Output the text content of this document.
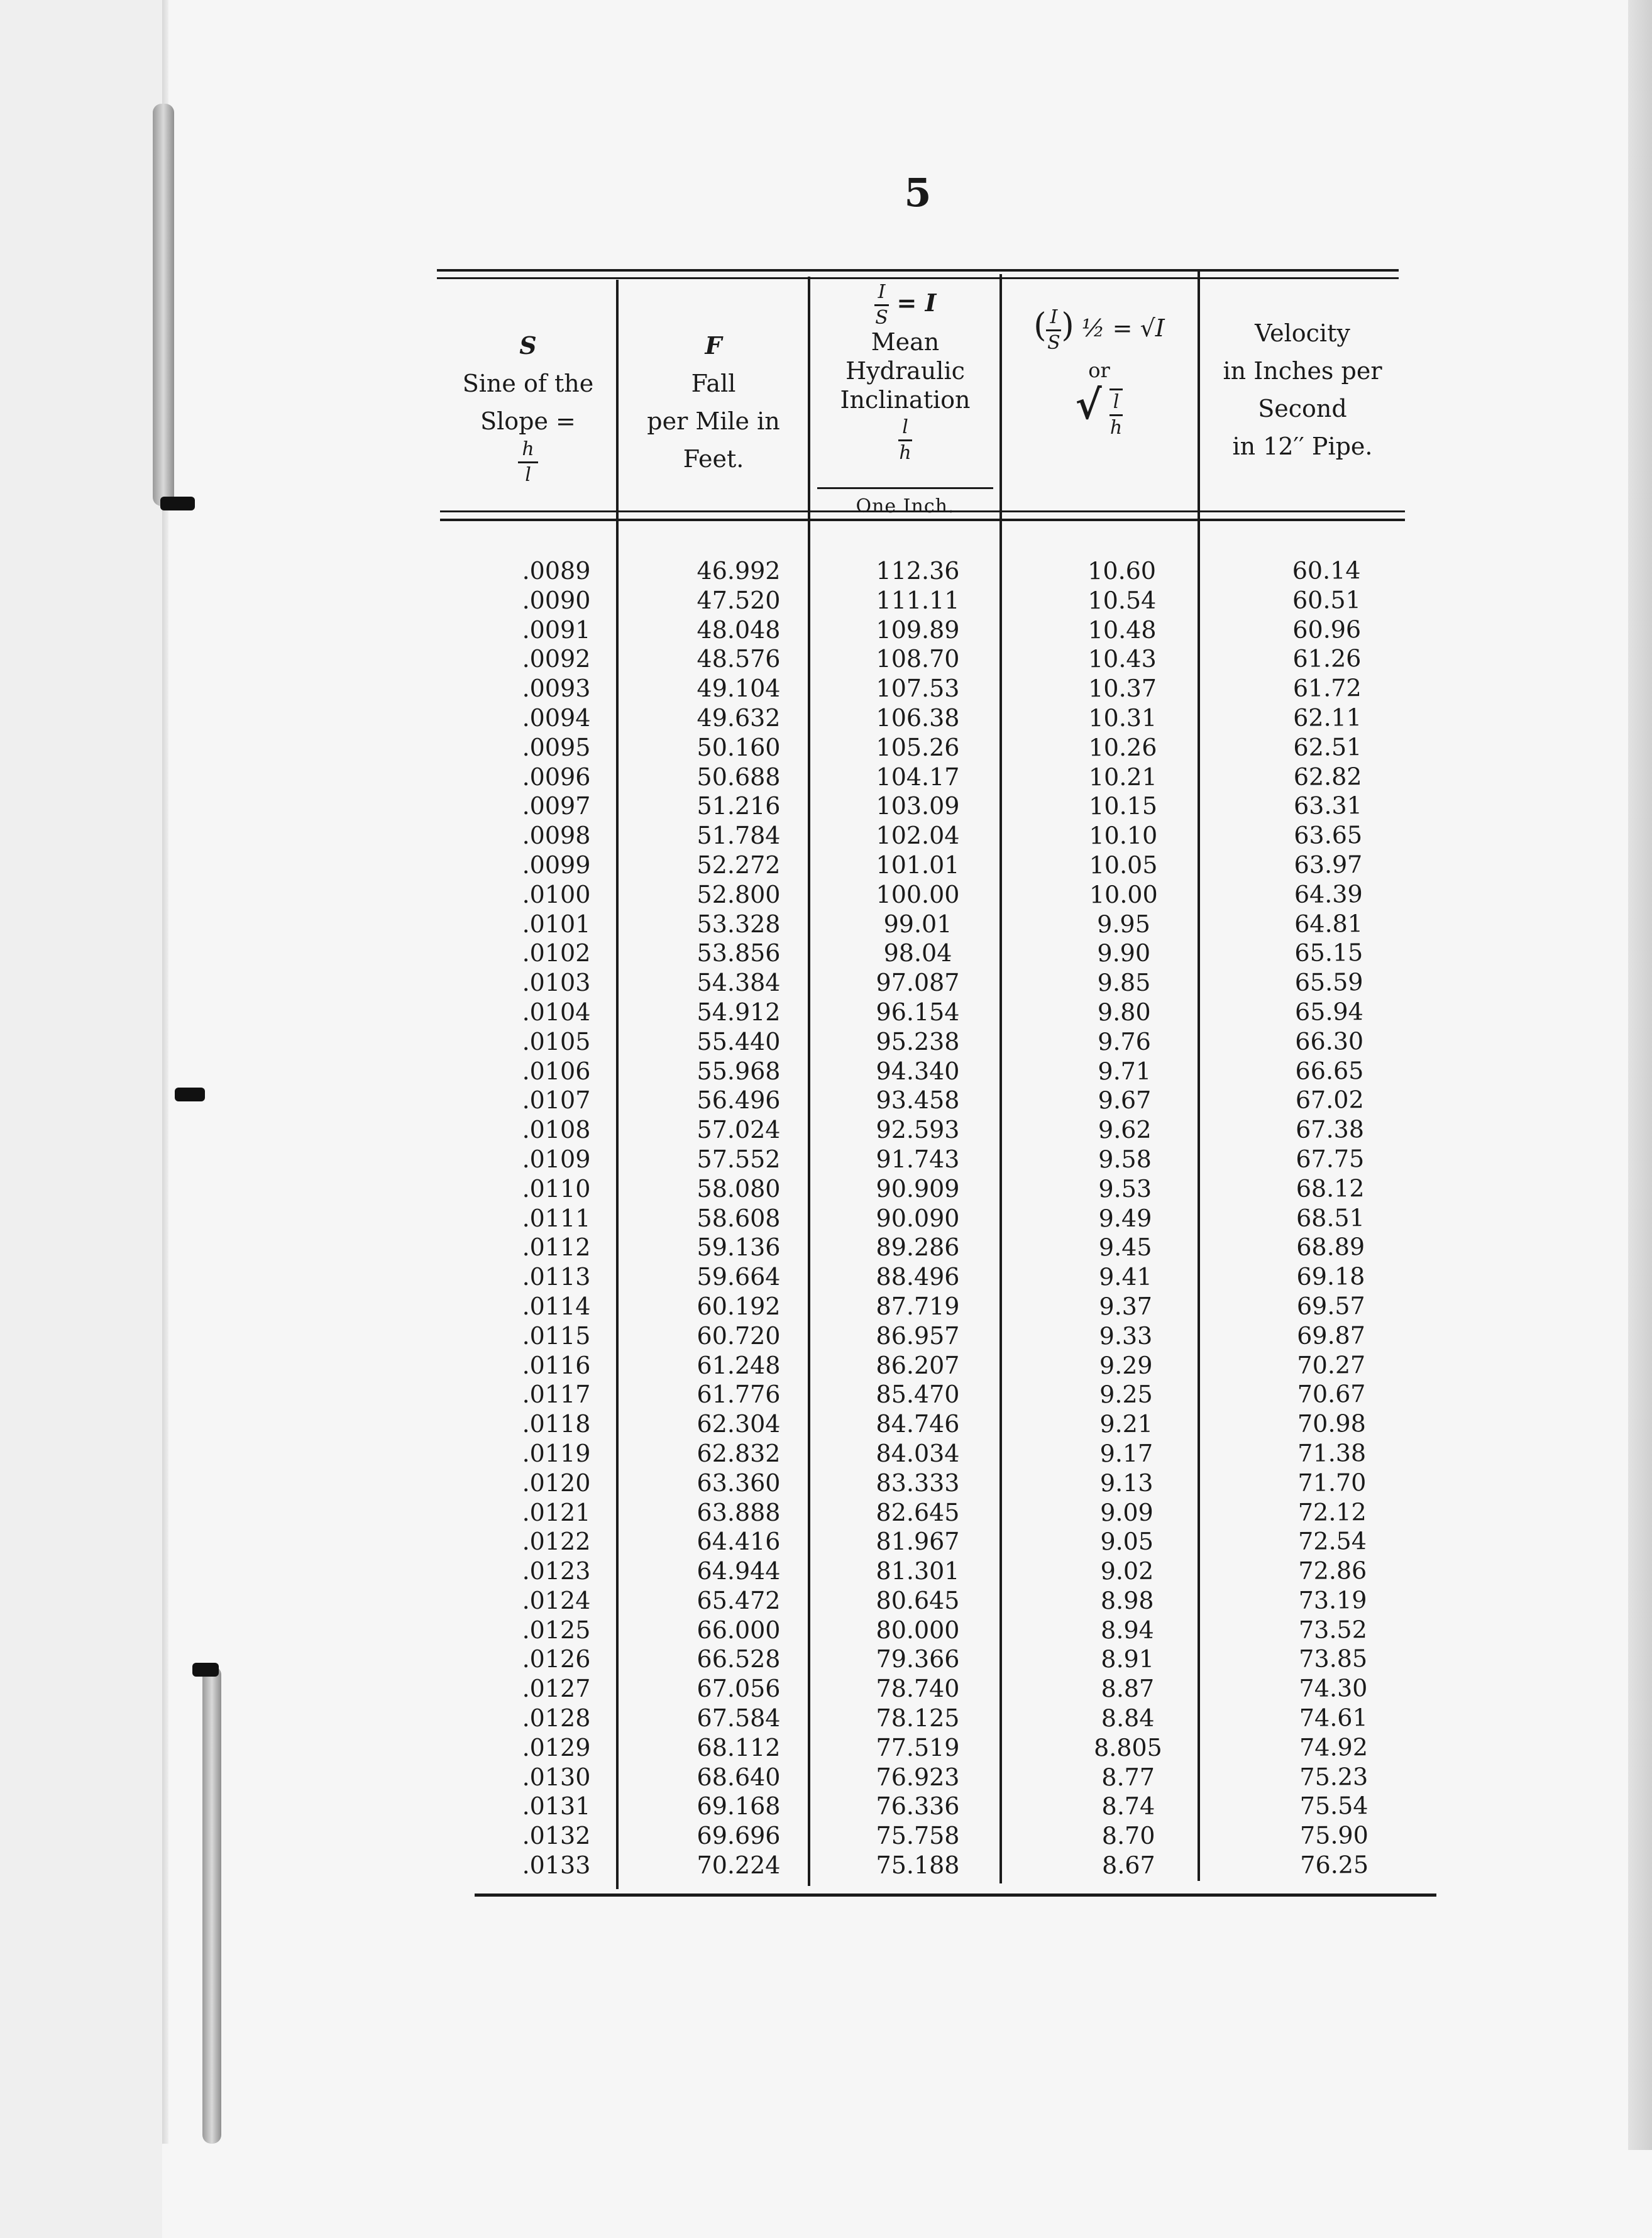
5
S
Sine of the
Slope =
$\frac{h}{l}$
F
Fall
per Mile in
Feet.
$\frac{I}{S} = I$
Mean
Hydraulic
Inclination
$\frac{l}{h}$
One Inch.
( $\frac{I}{S}$ ) ½ = √I
or
√ $\frac{l}{h}$
Velocity
in Inches per
Second
in 12′′ Pipe.
.0089
.0090
.0091
.0092
.0093
.0094
.0095
.0096
.0097
.0098
.0099
.0100
.0101
.0102
.0103
.0104
.0105
.0106
.0107
.0108
.0109
.0110
.0111
.0112
.0113
.0114
.0115
.0116
.0117
.0118
.0119
.0120
.0121
.0122
.0123
.0124
.0125
.0126
.0127
.0128
.0129
.0130
.0131
.0132
.0133
46.992
47.520
48.048
48.576
49.104
49.632
50.160
50.688
51.216
51.784
52.272
52.800
53.328
53.856
54.384
54.912
55.440
55.968
56.496
57.024
57.552
58.080
58.608
59.136
59.664
60.192
60.720
61.248
61.776
62.304
62.832
63.360
63.888
64.416
64.944
65.472
66.000
66.528
67.056
67.584
68.112
68.640
69.168
69.696
70.224
112.36
111.11
109.89
108.70
107.53
106.38
105.26
104.17
103.09
102.04
101.01
100.00
99.01
98.04
97.087
96.154
95.238
94.340
93.458
92.593
91.743
90.909
90.090
89.286
88.496
87.719
86.957
86.207
85.470
84.746
84.034
83.333
82.645
81.967
81.301
80.645
80.000
79.366
78.740
78.125
77.519
76.923
76.336
75.758
75.188
10.60
10.54
10.48
10.43
10.37
10.31
10.26
10.21
10.15
10.10
10.05
10.00
9.95
9.90
9.85
9.80
9.76
9.71
9.67
9.62
9.58
9.53
9.49
9.45
9.41
9.37
9.33
9.29
9.25
9.21
9.17
9.13
9.09
9.05
9.02
8.98
8.94
8.91
8.87
8.84
8.805
8.77
8.74
8.70
8.67
60.14
60.51
60.96
61.26
61.72
62.11
62.51
62.82
63.31
63.65
63.97
64.39
64.81
65.15
65.59
65.94
66.30
66.65
67.02
67.38
67.75
68.12
68.51
68.89
69.18
69.57
69.87
70.27
70.67
70.98
71.38
71.70
72.12
72.54
72.86
73.19
73.52
73.85
74.30
74.61
74.92
75.23
75.54
75.90
76.25
